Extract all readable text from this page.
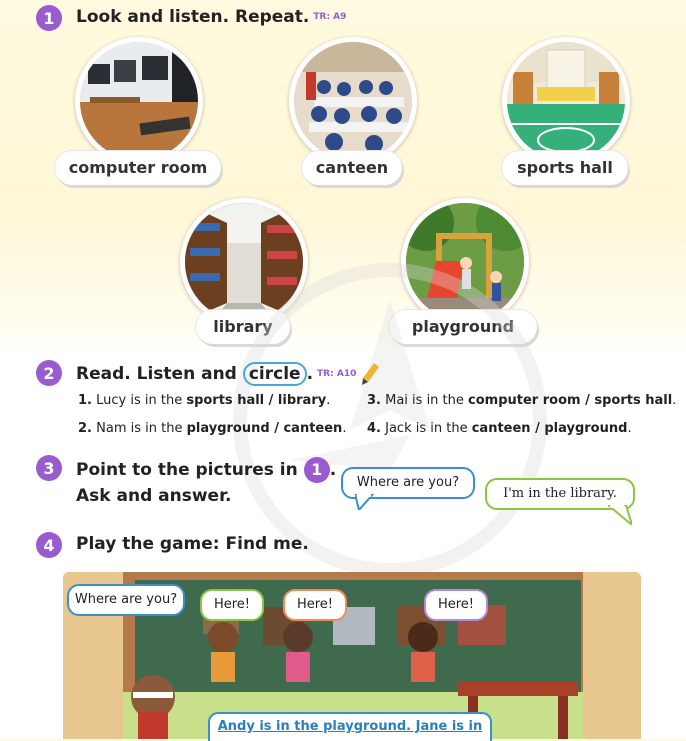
1	Look and listen. Repeat. TR: A9
computer room	canteen	sports hall
library	playground
2	Read. Listen and circle . TR: A10
1. Lucy is in the sports hall / library.
2. Nam is in the playground / canteen.
3. Mai is in the computer room / sports hall.
4. Jack is in the canteen / playground.
3	Point to the pictures in 1 .
Ask and answer.
Where are you?
I'm in the library.
4	Play the game: Find me.
Where are you?	Here!	Here!	Here!
Andy is in the playground. Jane is in
